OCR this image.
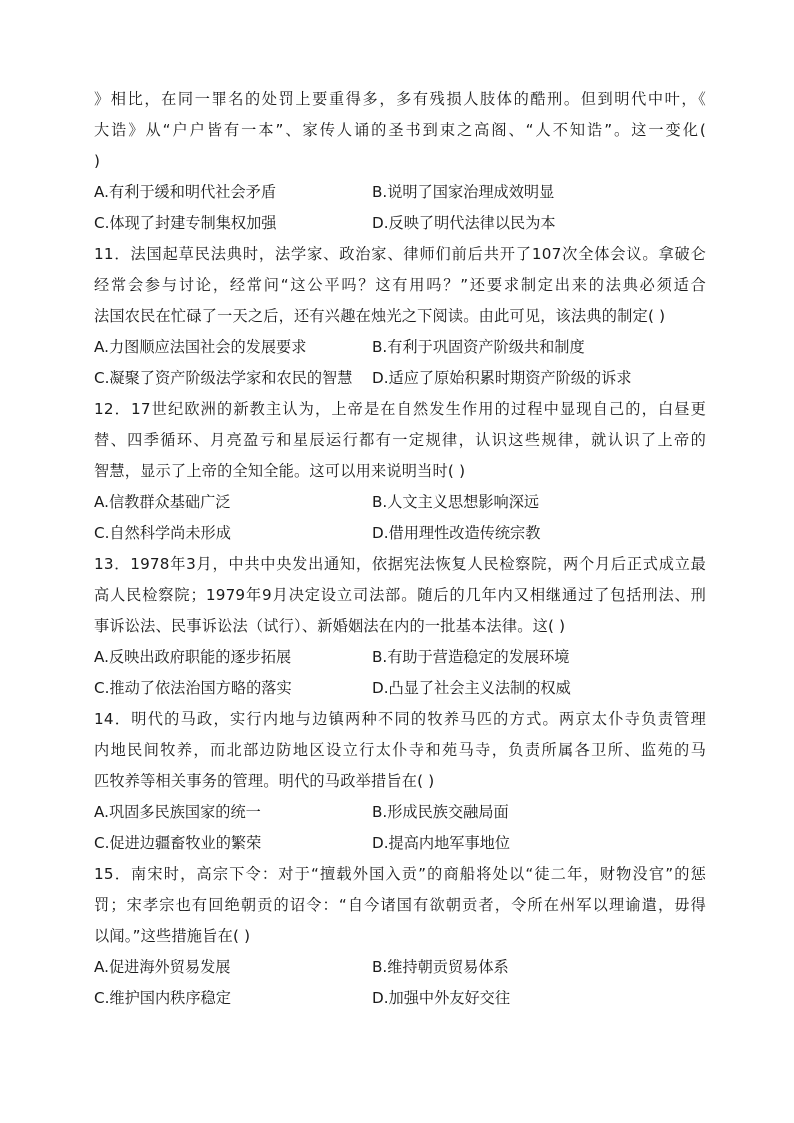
》相比，在同一罪名的处罚上要重得多，多有残损人肢体的酷刑。但到明代中叶，《
大诰》从“户户皆有一本”、家传人诵的圣书到束之高阁、“人不知诰”。这一变化(
)
A.有利于缓和明代社会矛盾	B.说明了国家治理成效明显
C.体现了封建专制集权加强	D.反映了明代法律以民为本
11．法国起草民法典时，法学家、政治家、律师们前后共开了107次全体会议。拿破仑
经常会参与讨论，经常问“这公平吗？这有用吗？”还要求制定出来的法典必须适合
法国农民在忙碌了一天之后，还有兴趣在烛光之下阅读。由此可见，该法典的制定( )
A.力图顺应法国社会的发展要求	B.有利于巩固资产阶级共和制度
C.凝聚了资产阶级法学家和农民的智慧	D.适应了原始积累时期资产阶级的诉求
12．17世纪欧洲的新教主认为，上帝是在自然发生作用的过程中显现自己的，白昼更
替、四季循环、月亮盈亏和星辰运行都有一定规律，认识这些规律，就认识了上帝的
智慧，显示了上帝的全知全能。这可以用来说明当时( )
A.信教群众基础广泛	B.人文主义思想影响深远
C.自然科学尚未形成	D.借用理性改造传统宗教
13．1978年3月，中共中央发出通知，依据宪法恢复人民检察院，两个月后正式成立最
高人民检察院；1979年9月决定设立司法部。随后的几年内又相继通过了包括刑法、刑
事诉讼法、民事诉讼法（试行）、新婚姻法在内的一批基本法律。这( )
A.反映出政府职能的逐步拓展	B.有助于营造稳定的发展环境
C.推动了依法治国方略的落实	D.凸显了社会主义法制的权威
14．明代的马政，实行内地与边镇两种不同的牧养马匹的方式。两京太仆寺负责管理
内地民间牧养，而北部边防地区设立行太仆寺和苑马寺，负责所属各卫所、监苑的马
匹牧养等相关事务的管理。明代的马政举措旨在( )
A.巩固多民族国家的统一	B.形成民族交融局面
C.促进边疆畜牧业的繁荣	D.提高内地军事地位
15．南宋时，高宗下令：对于“擅载外国入贡”的商船将处以“徒二年，财物没官”的惩
罚；宋孝宗也有回绝朝贡的诏令：“自今诸国有欲朝贡者，令所在州军以理谕遣，毋得
以闻。”这些措施旨在( )
A.促进海外贸易发展	B.维持朝贡贸易体系
C.维护国内秩序稳定	D.加强中外友好交往
